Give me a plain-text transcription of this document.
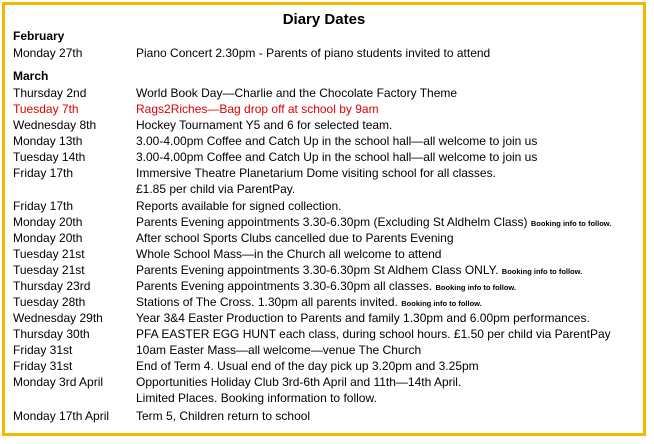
Diary Dates
February
Monday 27th	Piano Concert 2.30pm - Parents of piano students invited to attend
March
Thursday 2nd	World Book Day—Charlie and the Chocolate Factory Theme
Tuesday 7th	Rags2Riches—Bag drop off at school by 9am
Wednesday 8th	Hockey Tournament Y5 and 6 for selected team.
Monday 13th	3.00-4.00pm Coffee and Catch Up in the school hall—all welcome to join us
Tuesday 14th	3.00-4.00pm Coffee and Catch Up in the school hall—all welcome to join us
Friday 17th	Immersive Theatre Planetarium Dome visiting school for all classes.
£1.85 per child via ParentPay.
Friday 17th	Reports available for signed collection.
Monday 20th	Parents Evening appointments 3.30-6.30pm (Excluding St Aldhelm Class) Booking info to follow.
Monday 20th	After school Sports Clubs cancelled due to Parents Evening
Tuesday 21st	Whole School Mass—in the Church all welcome to attend
Tuesday 21st	Parents Evening appointments 3.30-6.30pm St Aldhem Class ONLY. Booking info to follow.
Thursday 23rd	Parents Evening appointments 3.30-6.30pm all classes. Booking info to follow.
Tuesday 28th	Stations of The Cross. 1.30pm all parents invited. Booking info to follow.
Wednesday 29th	Year 3&4 Easter Production to Parents and family 1.30pm and 6.00pm performances.
Thursday 30th	PFA EASTER EGG HUNT each class, during school hours. £1.50 per child via ParentPay
Friday 31st	10am Easter Mass—all welcome—venue The Church
Friday 31st	End of Term 4. Usual end of the day pick up 3.20pm and 3.25pm
Monday 3rd April	Opportunities Holiday Club 3rd-6th April and 11th—14th April.
Limited Places. Booking information to follow.
Monday 17th April Term 5, Children return to school
